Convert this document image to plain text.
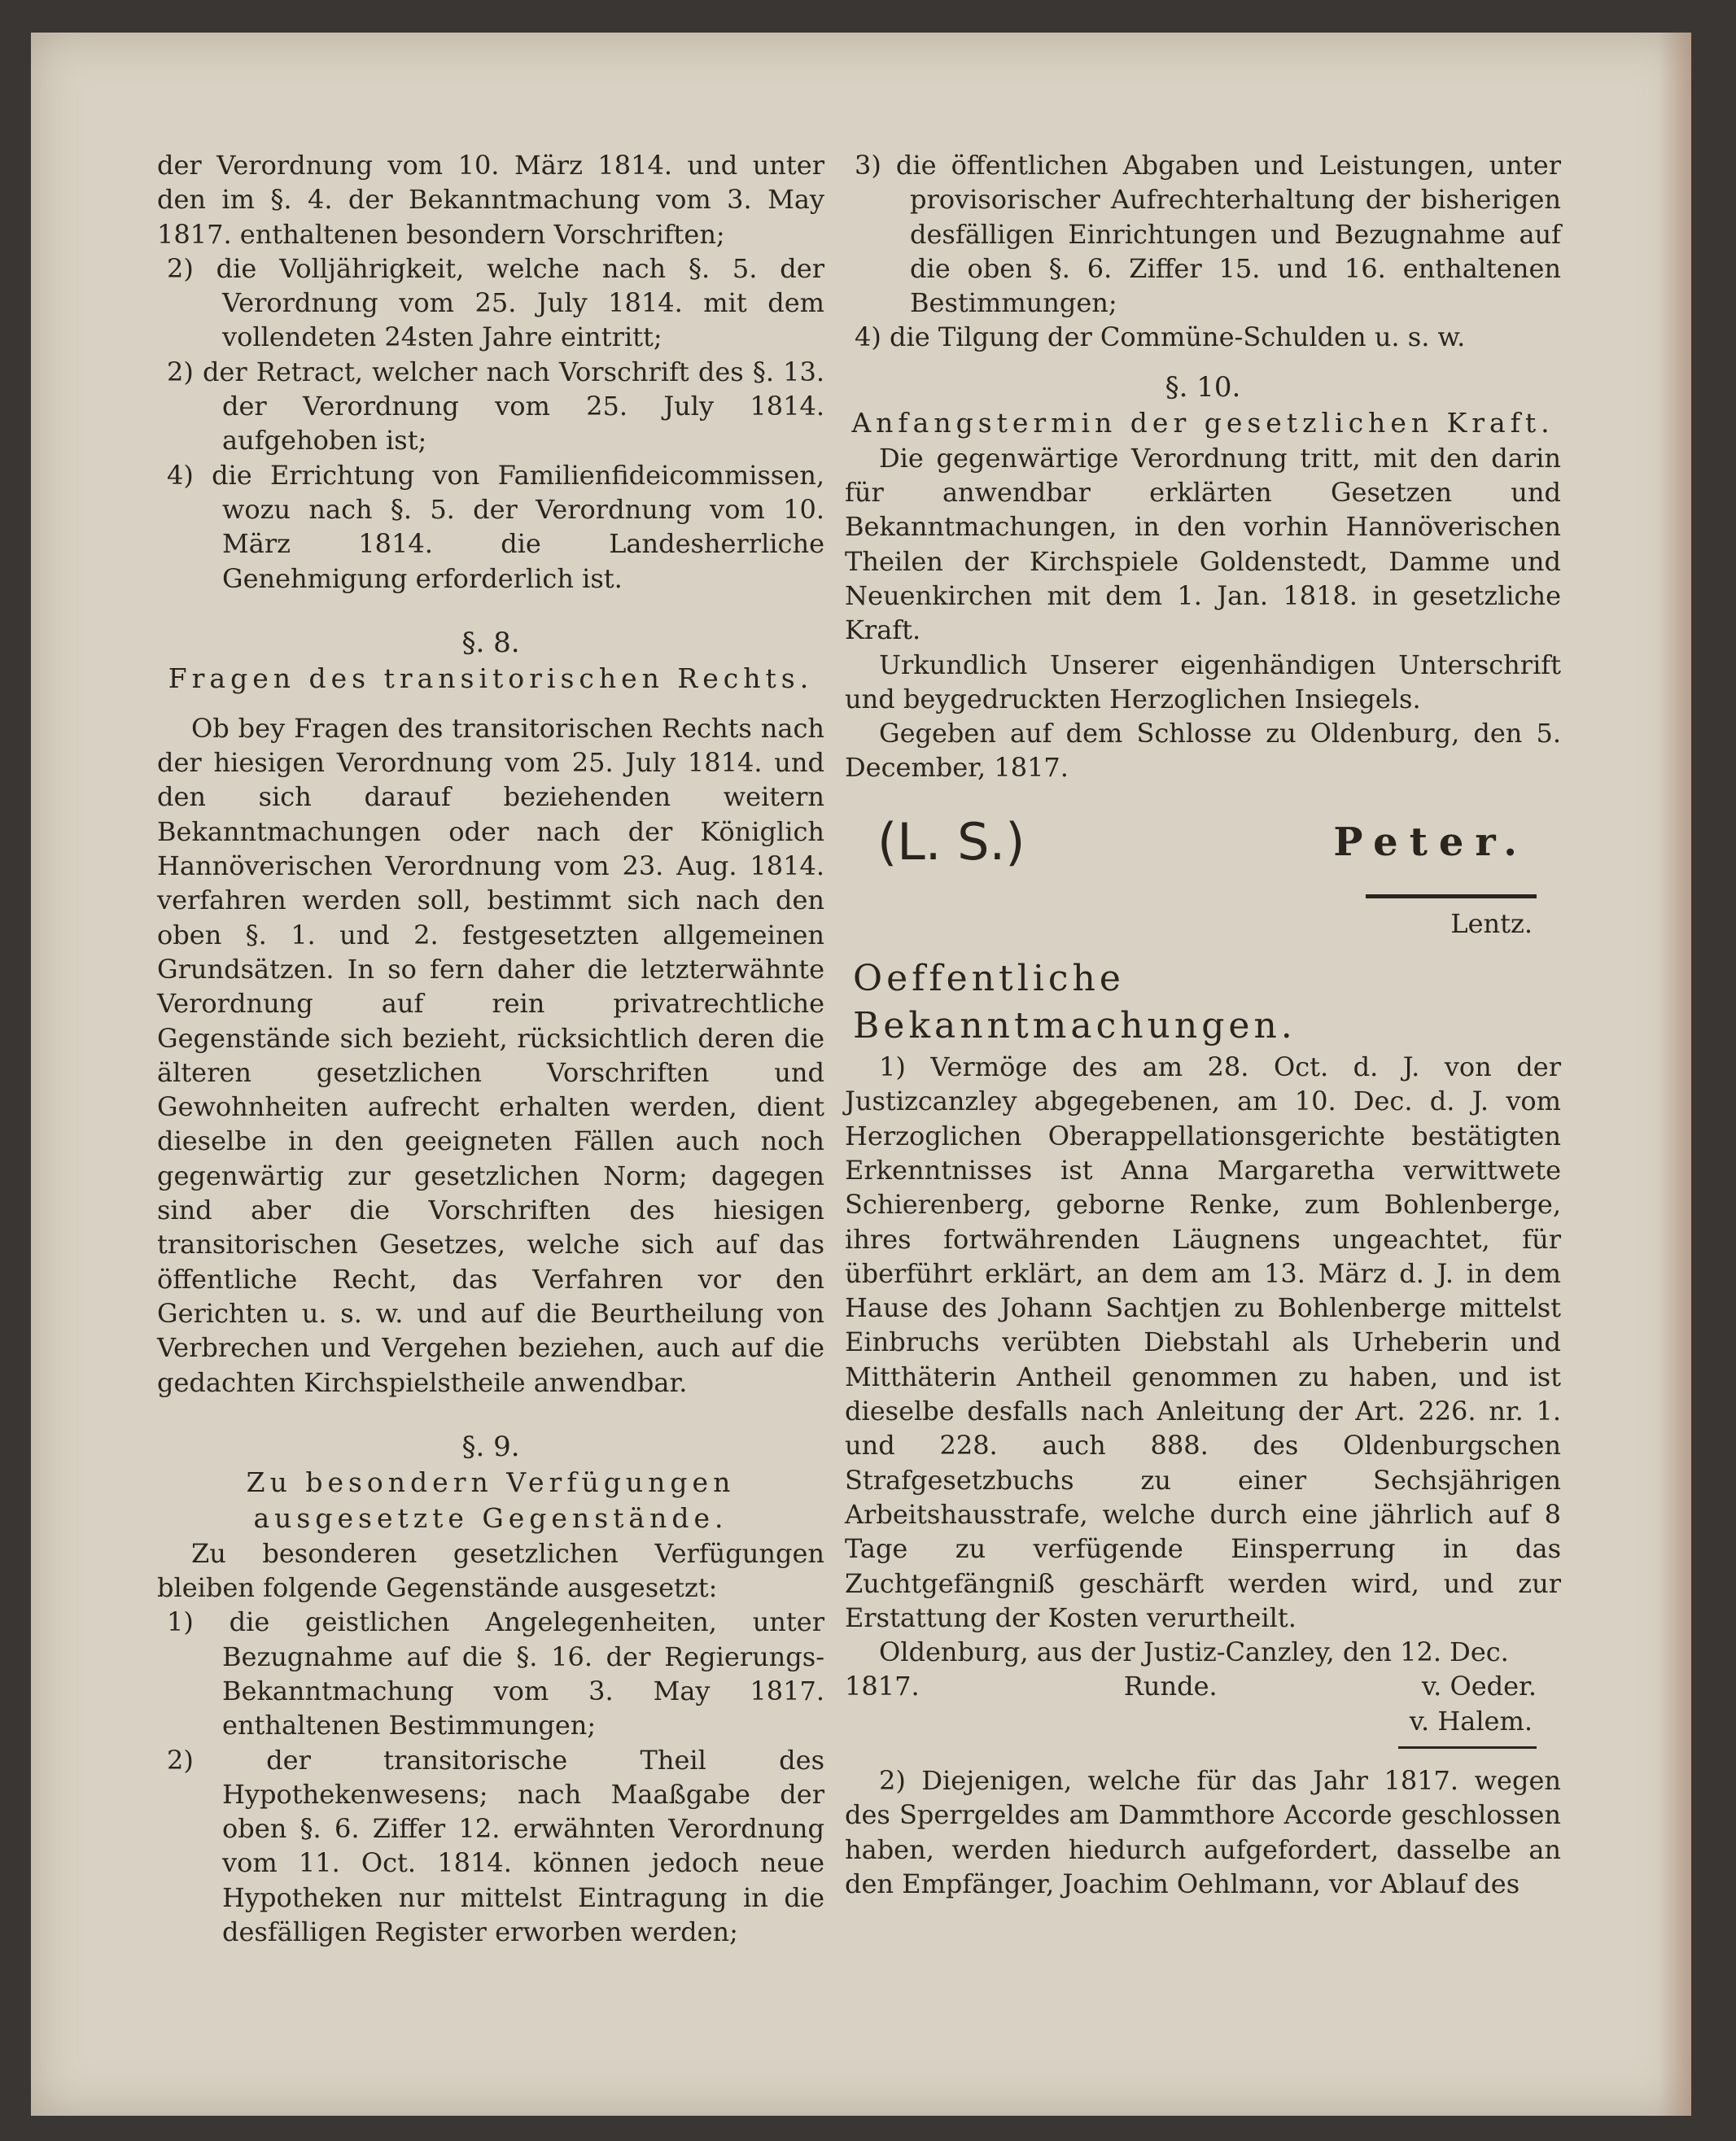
der Verordnung vom 10. März 1814. und unter den im §. 4. der Bekanntmachung vom 3. May 1817. enthaltenen besondern Vorschriften;

2) die Volljährigkeit, welche nach §. 5. der Verordnung vom 25. July 1814. mit dem vollendeten 24sten Jahre eintritt;

2) der Retract, welcher nach Vorschrift des §. 13. der Verordnung vom 25. July 1814. aufgehoben ist;

4) die Errichtung von Familienfideicommissen, wozu nach §. 5. der Verordnung vom 10. März 1814. die Landesherrliche Genehmigung erforderlich ist.

§. 8.

Fragen des transitorischen Rechts.

Ob bey Fragen des transitorischen Rechts nach der hiesigen Verordnung vom 25. July 1814. und den sich darauf beziehenden weitern Bekanntmachungen oder nach der Königlich Hannöverischen Verordnung vom 23. Aug. 1814. verfahren werden soll, bestimmt sich nach den oben §. 1. und 2. festgesetzten allgemeinen Grundsätzen. In so fern daher die letzterwähnte Verordnung auf rein privatrechtliche Gegenstände sich bezieht, rücksichtlich deren die älteren gesetzlichen Vorschriften und Gewohnheiten aufrecht erhalten werden, dient dieselbe in den geeigneten Fällen auch noch gegenwärtig zur gesetzlichen Norm; dagegen sind aber die Vorschriften des hiesigen transitorischen Gesetzes, welche sich auf das öffentliche Recht, das Verfahren vor den Gerichten u. s. w. und auf die Beurtheilung von Verbrechen und Vergehen beziehen, auch auf die gedachten Kirchspielstheile anwendbar.

§. 9.

Zu besondern Verfügungen ausgesetzte Gegenstände.

Zu besonderen gesetzlichen Verfügungen bleiben folgende Gegenstände ausgesetzt:

1) die geistlichen Angelegenheiten, unter Bezugnahme auf die §. 16. der Regierungs-Bekanntmachung vom 3. May 1817. enthaltenen Bestimmungen;

2) der transitorische Theil des Hypothekenwesens; nach Maaßgabe der oben §. 6. Ziffer 12. erwähnten Verordnung vom 11. Oct. 1814. können jedoch neue Hypotheken nur mittelst Eintragung in die desfälligen Register erworben werden;

3) die öffentlichen Abgaben und Leistungen, unter provisorischer Aufrechterhaltung der bisherigen desfälligen Einrichtungen und Bezugnahme auf die oben §. 6. Ziffer 15. und 16. enthaltenen Bestimmungen;

4) die Tilgung der Commüne-Schulden u. s. w.

§. 10.

Anfangstermin der gesetzlichen Kraft.

Die gegenwärtige Verordnung tritt, mit den darin für anwendbar erklärten Gesetzen und Bekanntmachungen, in den vorhin Hannöverischen Theilen der Kirchspiele Goldenstedt, Damme und Neuenkirchen mit dem 1. Jan. 1818. in gesetzliche Kraft.

Urkundlich Unserer eigenhändigen Unterschrift und beygedruckten Herzoglichen Insiegels.

Gegeben auf dem Schlosse zu Oldenburg, den 5. December, 1817.

(L. S.)	Peter.

Lentz.

Oeffentliche Bekanntmachungen.

1) Vermöge des am 28. Oct. d. J. von der Justizcanzley abgegebenen, am 10. Dec. d. J. vom Herzoglichen Oberappellationsgerichte bestätigten Erkenntnisses ist Anna Margaretha verwittwete Schierenberg, geborne Renke, zum Bohlenberge, ihres fortwährenden Läugnens ungeachtet, für überführt erklärt, an dem am 13. März d. J. in dem Hause des Johann Sachtjen zu Bohlenberge mittelst Einbruchs verübten Diebstahl als Urheberin und Mitthäterin Antheil genommen zu haben, und ist dieselbe desfalls nach Anleitung der Art. 226. nr. 1. und 228. auch 888. des Oldenburgschen Strafgesetzbuchs zu einer Sechsjährigen Arbeitshausstrafe, welche durch eine jährlich auf 8 Tage zu verfügende Einsperrung in das Zuchtgefängniß geschärft werden wird, und zur Erstattung der Kosten verurtheilt.

Oldenburg, aus der Justiz-Canzley, den 12. Dec.

1817.	Runde.	v. Oeder.

v. Halem.

2) Diejenigen, welche für das Jahr 1817. wegen des Sperrgeldes am Dammthore Accorde geschlossen haben, werden hiedurch aufgefordert, dasselbe an den Empfänger, Joachim Oehlmann, vor Ablauf des
